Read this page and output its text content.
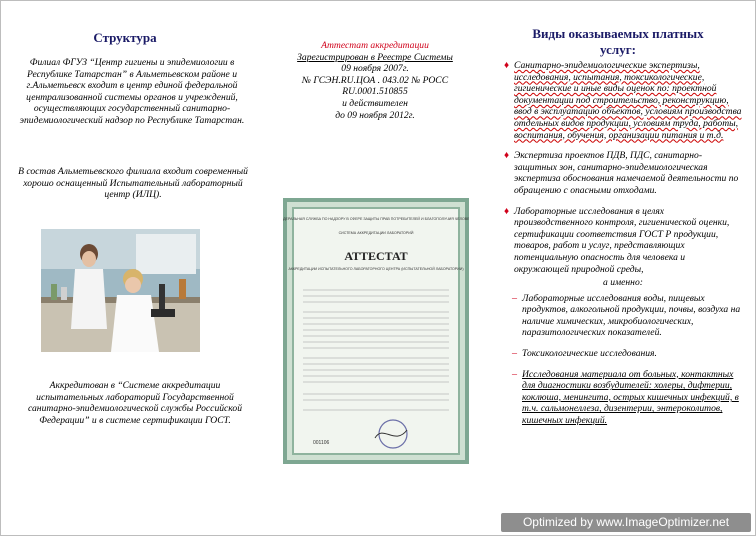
Структура
Филиал ФГУЗ “Центр гигиены и эпидемиологии в Республике Татарстан” в Альметьевском районе и г.Альметьевск входит в центр единой федеральной централизованной системы органов и учреждений, осуществляющих государственный санитарно-эпидемиологический надзор по Республике Татарстан.
В состав Альметьевского филиала входит современный хорошо оснащенный Испытательный лабораторный центр (ИЛЦ).
Аккредитован в “Системе аккредитации испытательных лабораторий Государственной санитарно-эпидемиологической службы Российской Федерации” и в системе сертификации ГОСТ.
Аттестат аккредитации
Зарегистрирован в Реестре Системы
09 ноября 2007г.
№ ГСЭН.RU.ЦОА . 043.02 № РОСС
RU.0001.510855
и действителен
до 09 ноября 2012г.
ФЕДЕРАЛЬНАЯ СЛУЖБА ПО НАДЗОРУ В СФЕРЕ ЗАЩИТЫ ПРАВ ПОТРЕБИТЕЛЕЙ И БЛАГОПОЛУЧИЯ ЧЕЛОВЕКА
СИСТЕМА АККРЕДИТАЦИИ ЛАБОРАТОРИЙ
АТТЕСТАТ
АККРЕДИТАЦИИ ИСПЫТАТЕЛЬНОГО ЛАБОРАТОРНОГО ЦЕНТРА (ИСПЫТАТЕЛЬНОЙ ЛАБОРАТОРИИ)
001106
Виды оказываемых платных услуг:
♦ Санитарно-эпидемиологические экспертизы, исследования, испытания, токсикологические, гигиенические и иные виды оценок по: проектной документации под строительство, реконструкцию, ввод в эксплуатацию объектов, условиям производства отдельных видов продукции, условиям труда, работы, воспитания, обучения, организации питания и т.д.
♦ Экспертиза проектов ПДВ, ПДС, санитарно-защитных зон, санитарно-эпидемиологическая экспертиза обоснования намечаемой деятельности по обращению с опасными отходами.
♦ Лабораторные исследования в целях производственного контроля, гигиенической оценки, сертификации соответствия ГОСТ Р продукции, товаров, работ и услуг, представляющих потенциальную опасность для человека и окружающей природной среды,
а именно:
– Лабораторные исследования воды, пищевых продуктов, алкогольной продукции, почвы, воздуха на наличие химических, микробиологических, паразитологических показателей.
– Токсикологические исследования.
– Исследования материала от больных, контактных для диагностики возбудителей: холеры, дифтерии, коклюша, менингита, острых кишечных инфекций, в т.ч. сальмонеллеза, дизентерии, энтероколитов, кишечных инфекций.
Optimized by www.ImageOptimizer.net
